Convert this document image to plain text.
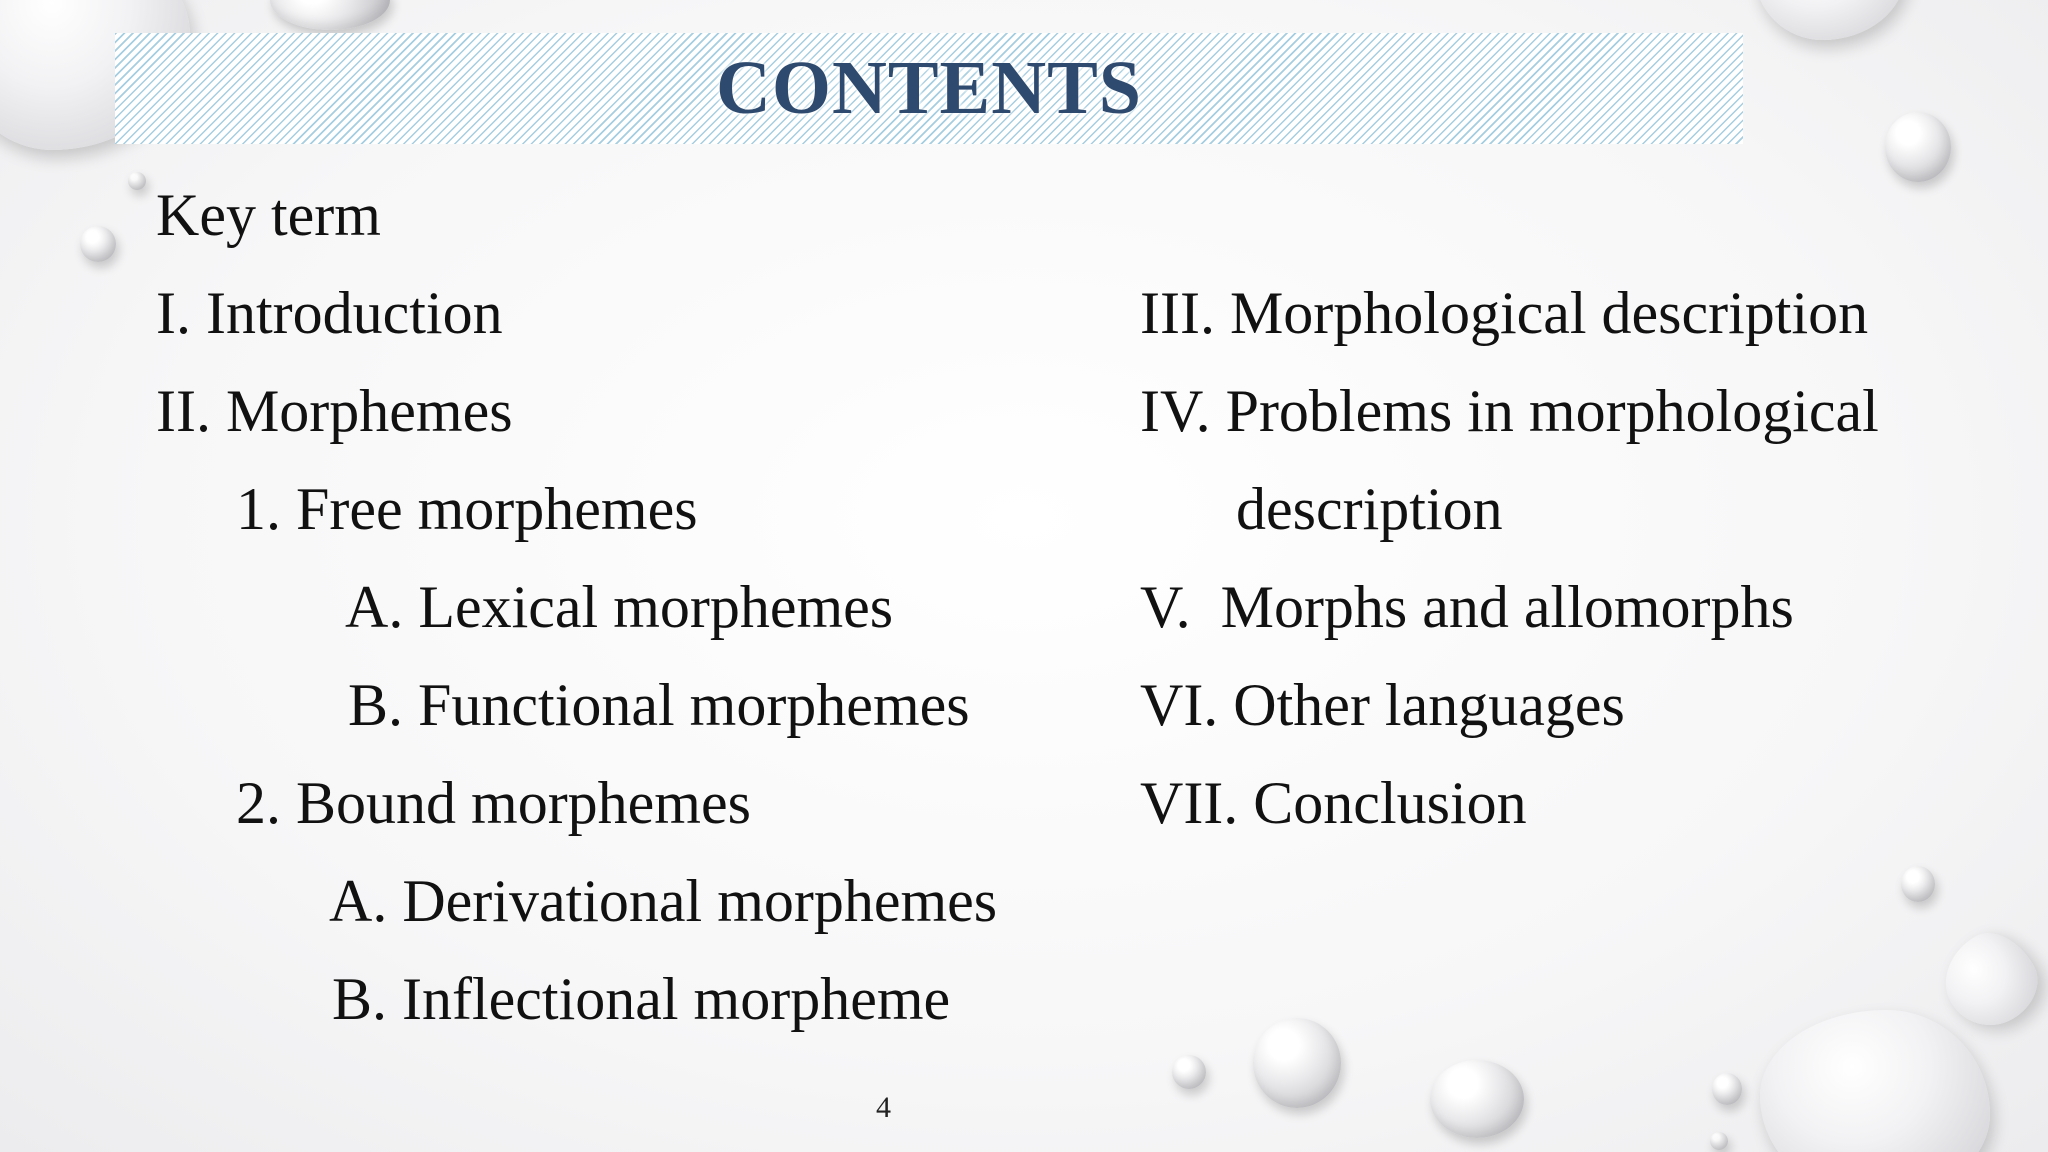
CONTENTS
Key term
I. Introduction
II. Morphemes
1. Free morphemes
A. Lexical morphemes
B. Functional morphemes
2. Bound morphemes
A. Derivational morphemes
B. Inflectional morpheme
III. Morphological description
IV. Problems in morphological
description
V.  Morphs and allomorphs
VI. Other languages
VII. Conclusion
4
